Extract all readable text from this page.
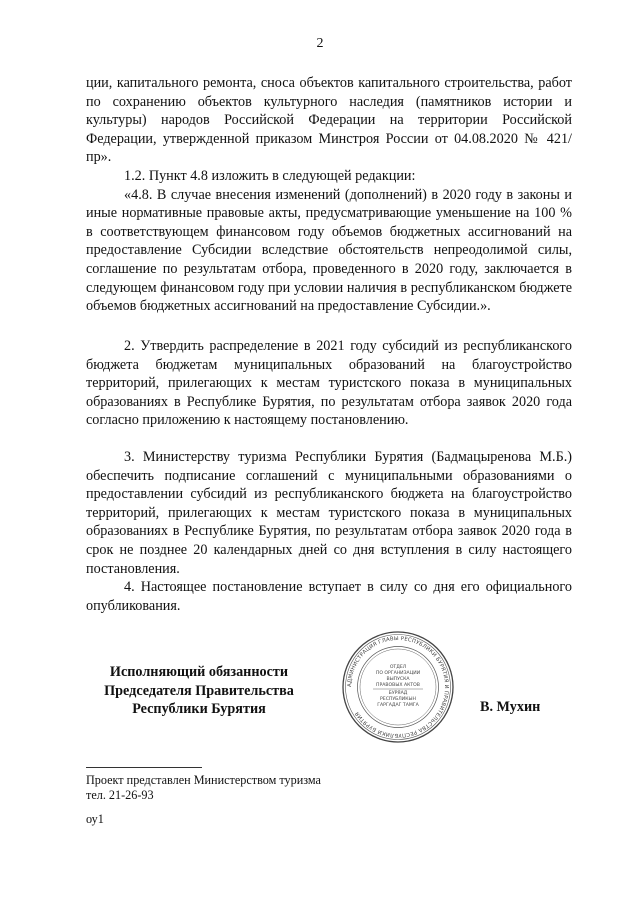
2

ции, капитального ремонта, сноса объектов капитального строительства, работ по сохранению объектов культурного наследия (памятников истории и культуры) народов Российской Федерации на территории Российской Федерации, утвержденной приказом Минстроя России от 04.08.2020 № 421/пр».

1.2. Пункт 4.8 изложить в следующей редакции:

«4.8. В случае внесения изменений (дополнений) в 2020 году в законы и иные нормативные правовые акты, предусматривающие уменьшение на 100 % в соответствующем финансовом году объемов бюджетных ассигнований на предоставление Субсидии вследствие обстоятельств непреодолимой силы, соглашение по результатам отбора, проведенного в 2020 году, заключается в следующем финансовом году при условии наличия в республиканском бюджете объемов бюджетных ассигнований на предоставление Субсидии.».

2. Утвердить распределение в 2021 году субсидий из республиканского бюджета бюджетам муниципальных образований на благоустройство территорий, прилегающих к местам туристского показа в муниципальных образованиях в Республике Бурятия, по результатам отбора заявок 2020 года согласно приложению к настоящему постановлению.

3. Министерству туризма Республики Бурятия (Бадмацыренова М.Б.) обеспечить подписание соглашений с муниципальными образованиями о предоставлении субсидий из республиканского бюджета на благоустройство территорий, прилегающих к местам туристского показа в муниципальных образованиях в Республике Бурятия, по результатам отбора заявок 2020 года в срок не позднее 20 календарных дней со дня вступления в силу настоящего постановления.

4. Настоящее постановление вступает в силу со дня его официального опубликования.

Исполняющий обязанности
Председателя Правительства
Республики Бурятия
АДМИНИСТРАЦИЯ ГЛАВЫ РЕСПУБЛИКИ БУРЯТИЯ И ПРАВИТЕЛЬСТВА РЕСПУБЛИКИ БУРЯТИЯ
ОТДЕЛ
ПО ОРГАНИЗАЦИИ
ВЫПУСКА
ПРАВОВЫХ АКТОВ
БУРЯАД
РЕСПУБЛИКЫН
ГАРГАДАГ ТАМГА	В. Мухин
Проект представлен Министерством туризма
тел. 21-26-93
оу1
